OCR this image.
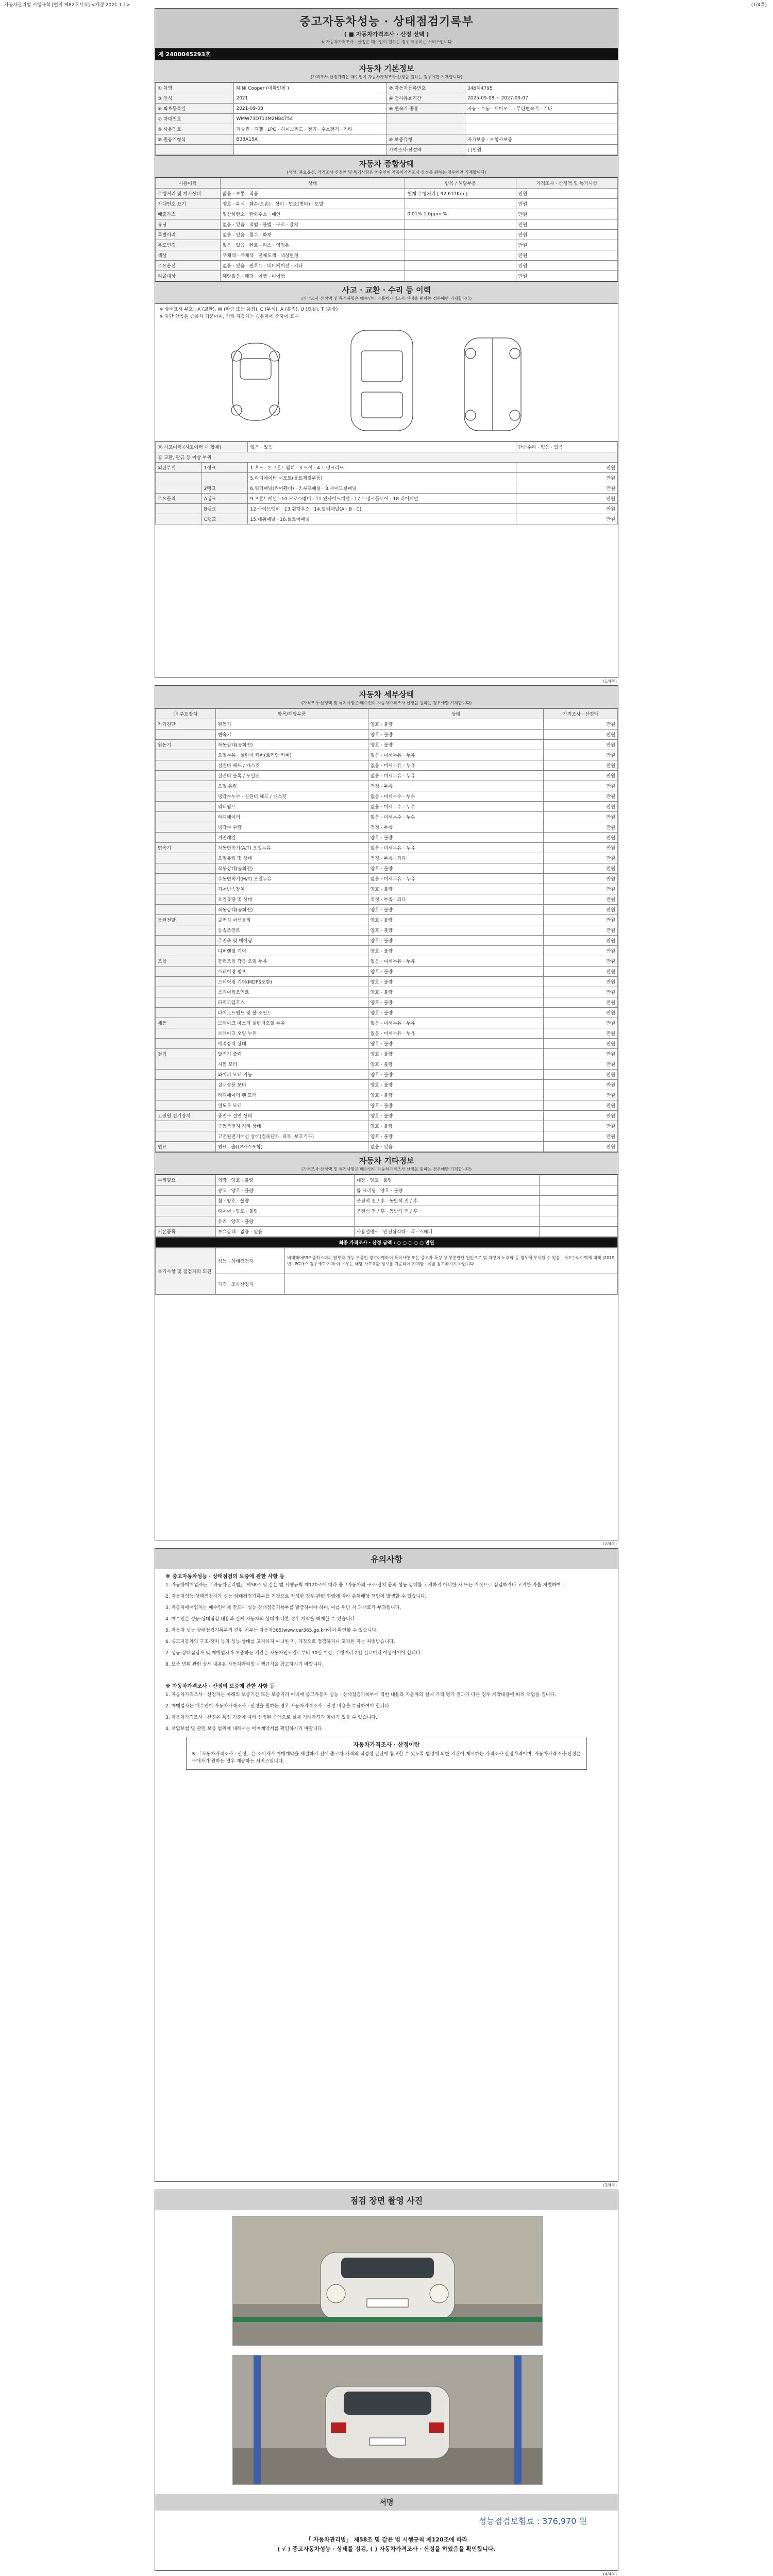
자동차관리법 시행규칙 [별지 제82호서식] <개정 2021.1.1>	(1/4쪽)
중고자동차성능 · 상태점검기록부
( ■ 자동차가격조사 · 산정 선택 )
※ 자동차가격조사 · 산정은 매수인이 원하는 경우 제공하는 서비스입니다
제 2400045293호
자동차 기본정보
(가격조사·산정가격은 매수인이 자동차가격조사·산정을 원하는 경우에만 기재합니다)
① 차명	MINI Cooper (미확인됨 )	② 자동차등록번호	348허4795
③ 연식	2021	④ 검사유효기간	2025-09-08 ~ 2027-09-07
⑤ 최초등록일	2021-09-08	⑥ 변속기 종류	자동 · 수동 · 세미오토 · 무단변속기 · 기타
⑦ 차대번호	WMW73DT13M2N84754		
⑧ 사용연료	가솔린 · 디젤 · LPG · 하이브리드 · 전기 · 수소전기 · 기타		
⑨ 원동기형식	B38A15A	⑩ 보증유형	자가보증 · 보험사보증
		가격조사·산정액	( )만원
자동차 종합상태
(색상, 주요옵션, 가격조사·산정액 및 특기사항은 매수인이 자동차가격조사·산정을 원하는 경우에만 기재합니다)
사용이력	상태	항목 / 해당부품	가격조사 · 산정액 및 특기사항
주행거리 및 계기상태	많음 · 보통 · 적음	현재 주행거리 [ 92,677Km ]	만원
차대번호 표기	양호 · 부식 · 훼손(오손) · 상이 · 변조(변타) · 도말		만원
배출가스	일산화탄소 · 탄화수소 · 매연	0.01% 1.0ppm %	만원
튜닝	없음 · 있음 · 적법 · 불법 · 구조 · 장치		만원
특별이력	없음 · 있음 · 침수 · 화재		만원
용도변경	없음 · 있음 · 렌트 · 리스 · 영업용		만원
색상	무채색 · 유채색 · 전체도색 · 색상변경		만원
주요옵션	없음 · 있음 · 썬루프 · 네비게이션 · 기타		만원
리콜대상	해당없음 · 해당 · 이행 · 미이행		만원
사고 · 교환 · 수리 등 이력
(가격조사·산정액 및 특기사항은 매수인이 자동차가격조사·산정을 원하는 경우에만 기재합니다)
※ 상태표시 부호 : X (교환), W (판금 또는 용접), C (부식), A (흠집), U (요철), T (손상)
※ 하단 항목은 승용차 기준이며, 기타 자동차는 승용차에 준하여 표시
⑪ 사고이력 (사고이력 시 합계)		없음 · 있음	단순수리 · 없음 · 있음
⑫ 교환, 판금 등 이상 부위			
외판부위	1랭크	1.후드 · 2.프론트휀더 · 3.도어 · 4.트렁크리드	만원
		5.라디에이터 서포트(볼트체결부품)	만원
	2랭크	6.쿼터패널(리어휀더) · 7.루프패널 · 8.사이드실패널	만원
주요골격	A랭크	9.프론트패널 · 10.크로스멤버 · 11.인사이드패널 · 17.트렁크플로어 · 18.리어패널	만원
	B랭크	12.사이드멤버 · 13.휠하우스 · 14.필러패널(A · B · C)	만원
	C랭크	15.대쉬패널 · 16.플로어패널	만원
(1/4쪽)
자동차 세부상태
(가격조사·산정액 및 특기사항은 매수인이 자동차가격조사·산정을 원하는 경우에만 기재합니다)
⑬ 주요장치	항목/해당부품	상태	가격조사 · 산정액
자기진단	원동기	양호 · 불량	만원
	변속기	양호 · 불량	만원
원동기	작동상태(공회전)	양호 · 불량	만원
	오일누유 · 실린더 커버(로커암 커버)	없음 · 미세누유 · 누유	만원
	실린더 헤드 / 개스킷	없음 · 미세누유 · 누유	만원
	실린더 블록 / 오일팬	없음 · 미세누유 · 누유	만원
	오일 유량	적정 · 부족	만원
	냉각수누수 · 실린더 헤드 / 개스킷	없음 · 미세누수 · 누수	만원
	워터펌프	없음 · 미세누수 · 누수	만원
	라디에이터	없음 · 미세누수 · 누수	만원
	냉각수 수량	적정 · 부족	만원
	커먼레일	양호 · 불량	만원
변속기	자동변속기(A/T) 오일누유	없음 · 미세누유 · 누유	만원
	오일유량 및 상태	적정 · 부족 · 과다	만원
	작동상태(공회전)	양호 · 불량	만원
	수동변속기(M/T) 오일누유	없음 · 미세누유 · 누유	만원
	기어변속장치	양호 · 불량	만원
	오일유량 및 상태	적정 · 부족 · 과다	만원
	작동상태(공회전)	양호 · 불량	만원
동력전달	클러치 어셈블리	양호 · 불량	만원
	등속조인트	양호 · 불량	만원
	추진축 및 베어링	양호 · 불량	만원
	디퍼렌셜 기어	양호 · 불량	만원
조향	동력조향 작동 오일 누유	없음 · 미세누유 · 누유	만원
	스티어링 펌프	양호 · 불량	만원
	스티어링 기어(MDPS포함)	양호 · 불량	만원
	스티어링조인트	양호 · 불량	만원
	파워고압호스	양호 · 불량	만원
	타이로드엔드 및 볼 조인트	양호 · 불량	만원
제동	브레이크 마스터 실린더오일 누유	없음 · 미세누유 · 누유	만원
	브레이크 오일 누유	없음 · 미세누유 · 누유	만원
	배력장치 상태	양호 · 불량	만원
전기	발전기 출력	양호 · 불량	만원
	시동 모터	양호 · 불량	만원
	와이퍼 모터 기능	양호 · 불량	만원
	실내송풍 모터	양호 · 불량	만원
	라디에이터 팬 모터	양호 · 불량	만원
	윈도우 모터	양호 · 불량	만원
고전원 전기장치	충전구 절연 상태	양호 · 불량	만원
	구동축전지 격리 상태	양호 · 불량	만원
	고전원전기배선 상태(접속단자, 피복, 보호기구)	양호 · 불량	만원
연료	연료누출(LP가스포함)	없음 · 있음	만원
자동차 기타정보
(가격조사·산정액 및 특기사항은 매수인이 자동차가격조사·산정을 원하는 경우에만 기재합니다)
수리필요	외장 · 양호 · 불량	내장 · 양호 · 불량	
	광택 · 양호 · 불량	룸 크리닝 · 양호 · 불량	
	휠 · 양호 · 불량	운전석 전 / 후 · 동반석 전 / 후	
	타이어 · 양호 · 불량	운전석 전 / 후 · 동반석 전 / 후	
	유리 · 양호 · 불량		
기본품목	보유상태 · 없음 · 있음	사용설명서 · 안전삼각대 · 잭 · 스패너	
최종 가격조사 · 산정 금액 : ○ ○ ○ ○ ○ 만원
특기사항 및 점검자의 의견	성능 · 상태점검자	비대해어FRP 중하스퍼의 탈부착 가능 부품인 경고이행하여 특이사항 또는 중고차 특성 상 부분판단 원인으로 및 차량이 노후화 등 경우에 부식될 수 있음 · 사고수리이력에 대해 (2019년 LPG가스 경우에도 기재·이 유무는 해당 사고교환 정보를 기준하여 기재함 · 이를 참고하시기 바랍니다
	가격 · 조사산정자	
(2/4쪽)
유의사항
※ 중고자동차성능 · 상태점검의 보증에 관한 사항 등
1. 자동차매매업자는 「자동차관리법」 제58조 및 같은 법 시행규칙 제120조에 따라 중고자동차의 구조·장치 등의 성능·상태를 고지하지 아니한 자 또는 거짓으로 점검하거나 고지한 자를 처벌하며...
2. 자동차성능·상태점검자가 성능·상태점검기록부를 거짓으로 작성한 경우 관련 법령에 따라 손해배상 책임이 발생할 수 있습니다.
3. 자동차매매업자는 매수인에게 반드시 성능·상태점검기록부를 발급하여야 하며, 이를 위반 시 과태료가 부과됩니다.
4. 매수인은 성능·상태점검 내용과 실제 자동차의 상태가 다른 경우 계약을 해제할 수 있습니다.
5. 자동차 성능·상태점검기록부의 진위 여부는 자동차365(www.car365.go.kr)에서 확인할 수 있습니다.
6. 중고자동차의 구조·장치 등의 성능·상태를 고지하지 아니한 자, 거짓으로 점검하거나 고지한 자는 처벌받습니다.
7. 성능·상태점검자 및 매매업자가 보증하는 기간은 자동차인도일로부터 30일 이상, 주행거리 2천 킬로미터 이상이어야 합니다.
8. 보증 범위 관련 상세 내용은 자동차관리법 시행규칙을 참고하시기 바랍니다.
※ 자동차가격조사 · 산정의 보증에 관한 사항 등
1. 자동차가격조사 · 산정자는 아래의 보증기간 또는 보증거리 이내에 중고자동차 성능 · 상태점검기록부에 적힌 내용과 자동차의 실제 가격 평가 결과가 다른 경우 계약내용에 따라 책임을 집니다.
2. 매매업자는 매수인이 자동차가격조사 · 산정을 원하는 경우 자동차가격조사 · 산정 비용을 부담하여야 합니다.
3. 자동차가격조사 · 산정은 특정 기준에 따라 산정된 금액으로 실제 거래가격과 차이가 있을 수 있습니다.
4. 책임보험 및 관련 보증 범위에 대해서는 매매계약서를 확인하시기 바랍니다.
자동차가격조사 · 산정이란
※ 「자동차가격조사 · 산정」은 소비자가 매매계약을 체결하기 전에 중고차 가격의 적정성 판단에 참고할 수 있도록 법령에 의한 기관이 제시하는 가격조사·산정가격이며, 자동차가격조사·산정은 구매자가 원하는 경우 제공하는 서비스입니다.
(3/4쪽)
점검 장면 촬영 사진
서명
성능점검보험료 : 376,970 원
「 자동차관리법」 제58조 및 같은 법 시행규칙 제120조에 따라
( √ ) 중고자동차성능 · 상태를 점검, ( ) 자동차가격조사 · 산정을 하였음을 확인합니다.
(4/4쪽)
